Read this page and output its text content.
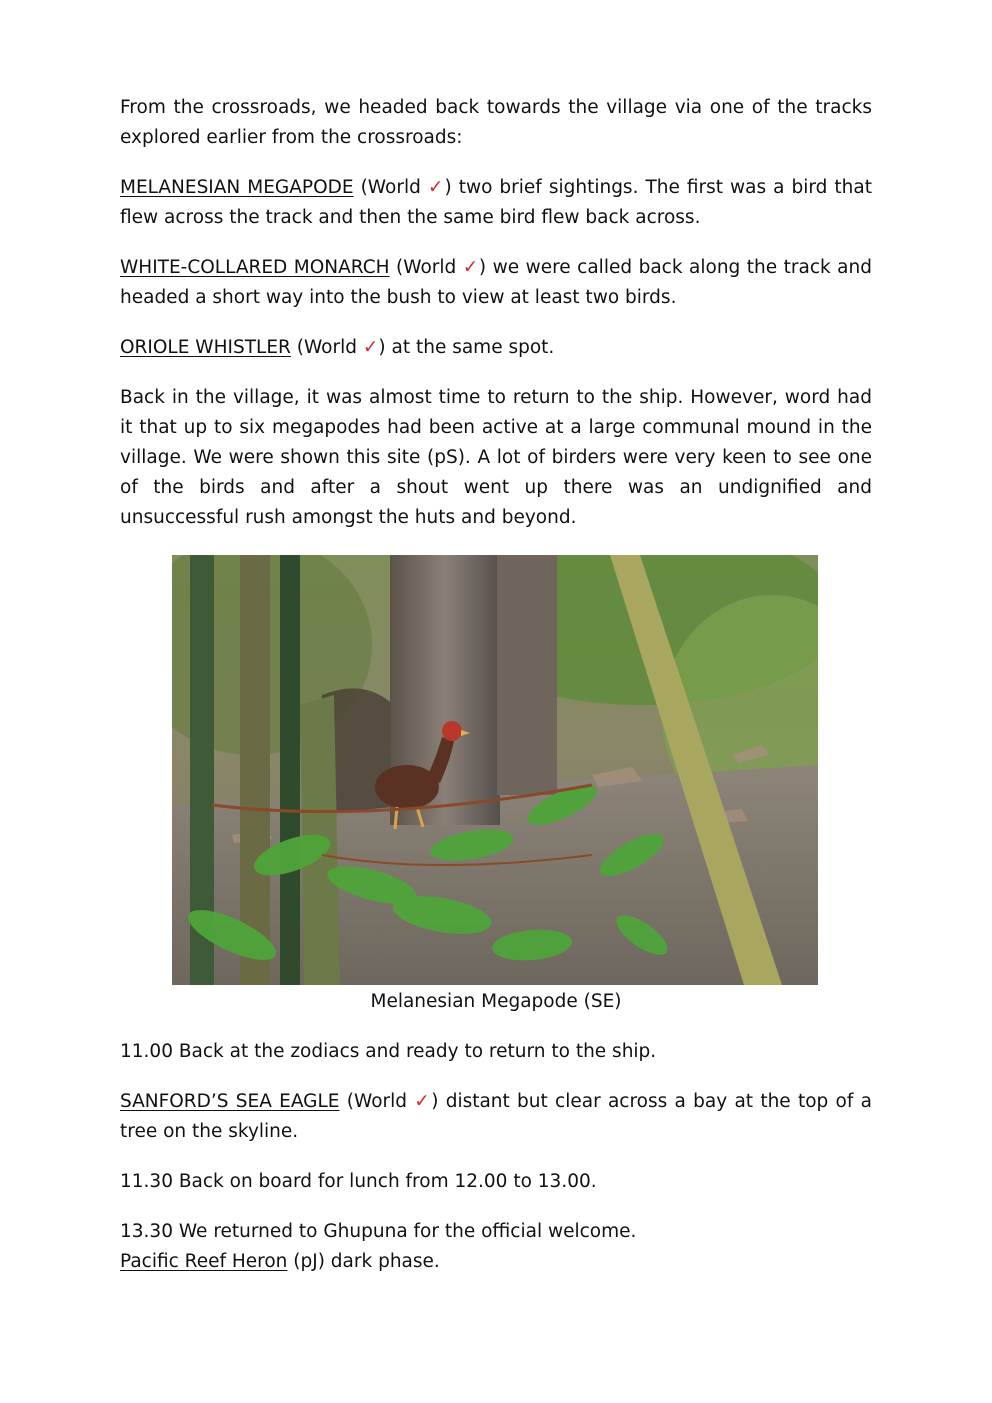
From the crossroads, we headed back towards the village via one of the tracks explored earlier from the crossroads:

MELANESIAN MEGAPODE (World ✓) two brief sightings. The first was a bird that flew across the track and then the same bird flew back across.

WHITE-COLLARED MONARCH (World ✓) we were called back along the track and headed a short way into the bush to view at least two birds.

ORIOLE WHISTLER (World ✓) at the same spot.

Back in the village, it was almost time to return to the ship. However, word had it that up to six megapodes had been active at a large communal mound in the village. We were shown this site (pS). A lot of birders were very keen to see one of the birds and after a shout went up there was an undignified and unsuccessful rush amongst the huts and beyond.

Melanesian Megapode (SE)

11.00 Back at the zodiacs and ready to return to the ship.

SANFORD’S SEA EAGLE (World ✓) distant but clear across a bay at the top of a tree on the skyline.

11.30 Back on board for lunch from 12.00 to 13.00.

13.30 We returned to Ghupuna for the official welcome.

Pacific Reef Heron (pJ) dark phase.
